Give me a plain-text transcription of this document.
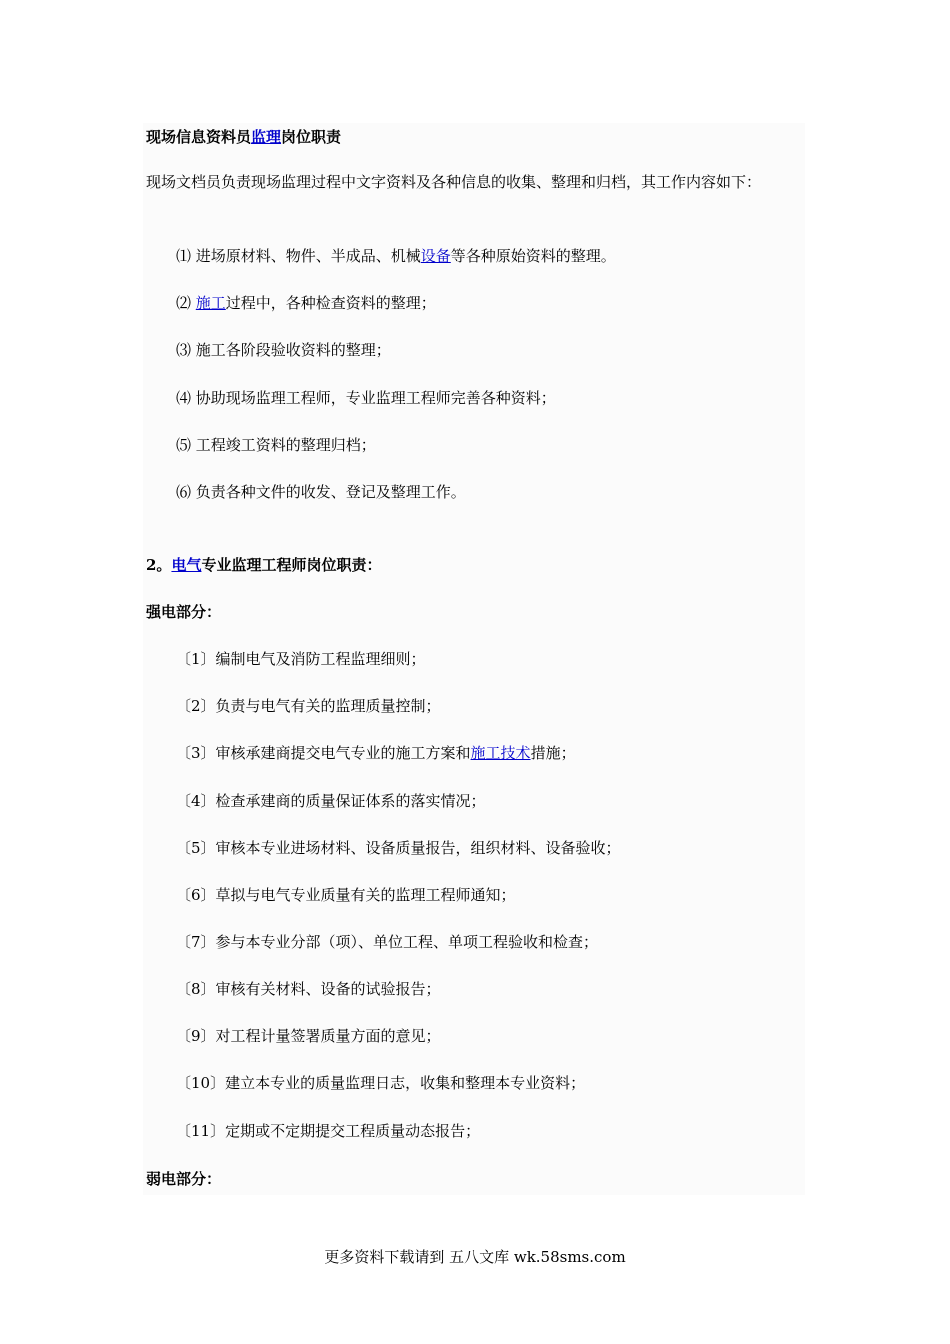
现场信息资料员监理岗位职责
现场文档员负责现场监理过程中文字资料及各种信息的收集、整理和归档，其工作内容如下：
⑴ 进场原材料、物件、半成品、机械设备等各种原始资料的整理。
⑵ 施工过程中，各种检查资料的整理；
⑶ 施工各阶段验收资料的整理；
⑷ 协助现场监理工程师，专业监理工程师完善各种资料；
⑸ 工程竣工资料的整理归档；
⑹ 负责各种文件的收发、登记及整理工作。
2。电气专业监理工程师岗位职责：
强电部分：
〔1〕编制电气及消防工程监理细则；
〔2〕负责与电气有关的监理质量控制；
〔3〕审核承建商提交电气专业的施工方案和施工技术措施；
〔4〕检查承建商的质量保证体系的落实情况；
〔5〕审核本专业进场材料、设备质量报告，组织材料、设备验收；
〔6〕草拟与电气专业质量有关的监理工程师通知；
〔7〕参与本专业分部（项）、单位工程、单项工程验收和检查；
〔8〕审核有关材料、设备的试验报告；
〔9〕对工程计量签署质量方面的意见；
〔10〕建立本专业的质量监理日志，收集和整理本专业资料；
〔11〕定期或不定期提交工程质量动态报告；
弱电部分：
更多资料下载请到 五八文库 wk.58sms.com
